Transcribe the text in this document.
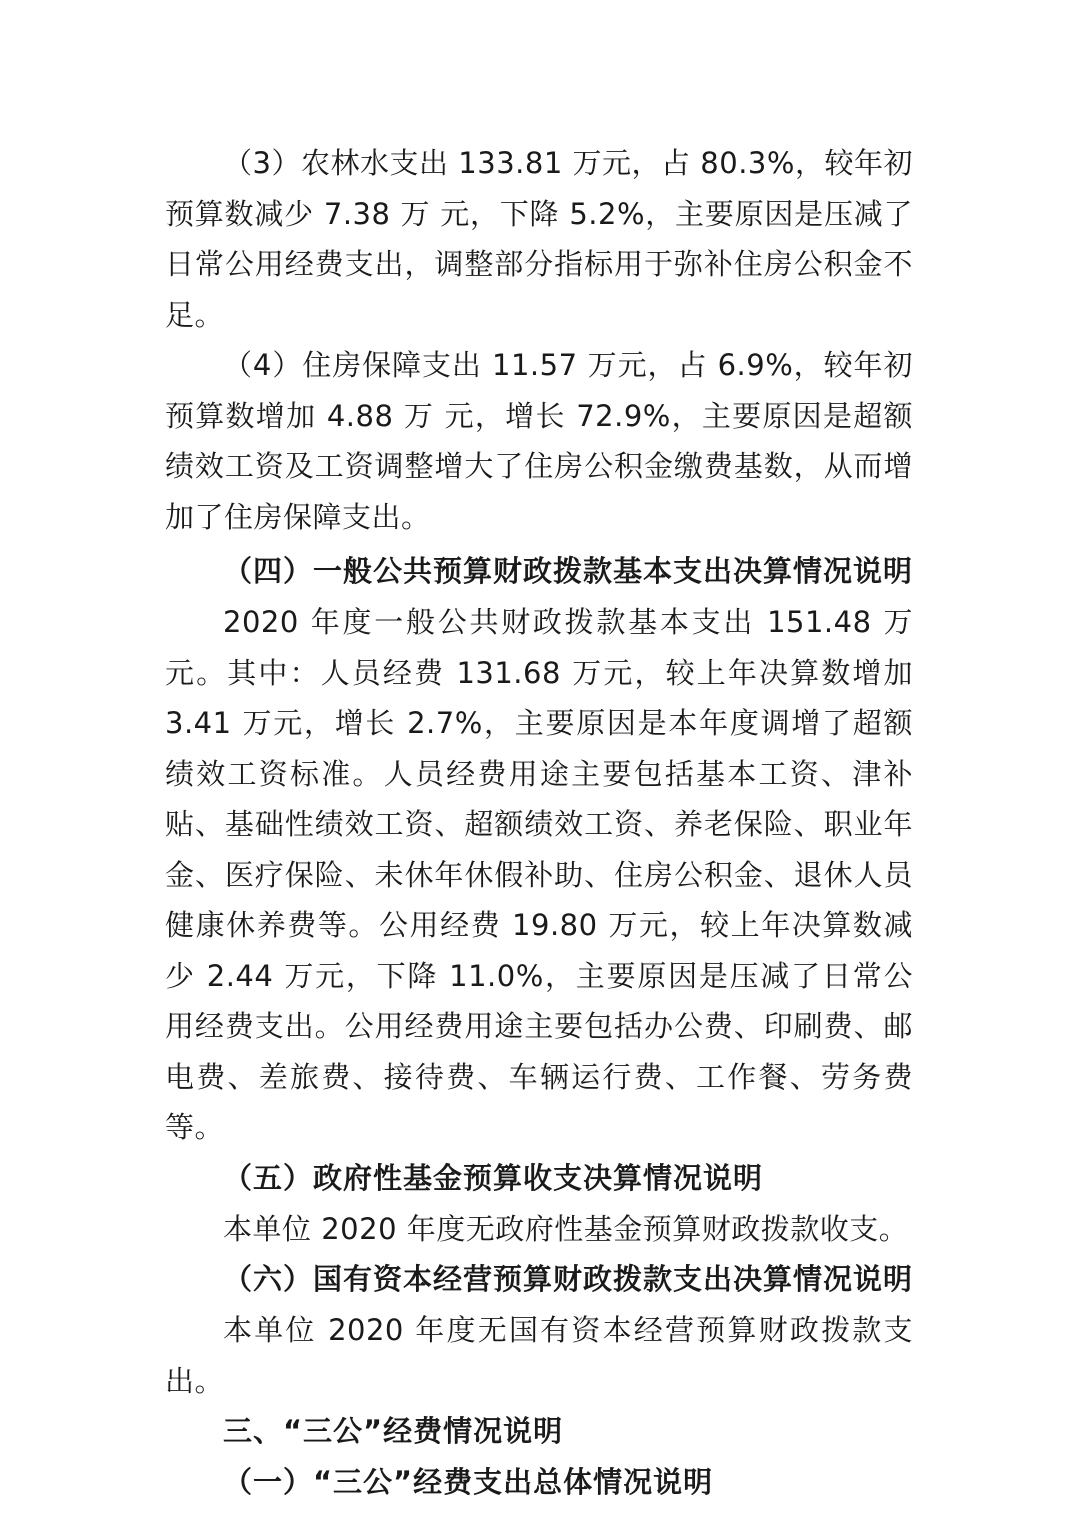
（3）农林水支出 133.81 万元，占 80.3%，较年初预算数减少 7.38 万 元，下降 5.2%，主要原因是压减了日常公用经费支出，调整部分指标用于弥补住房公积金不足。

（4）住房保障支出 11.57 万元，占 6.9%，较年初预算数增加 4.88 万 元，增长 72.9%，主要原因是超额绩效工资及工资调整增大了住房公积金缴费基数，从而增加了住房保障支出。

（四）一般公共预算财政拨款基本支出决算情况说明

2020 年度一般公共财政拨款基本支出 151.48 万元。其中：人员经费 131.68 万元，较上年决算数增加 3.41 万元，增长 2.7%，主要原因是本年度调增了超额绩效工资标准。人员经费用途主要包括基本工资、津补贴、基础性绩效工资、超额绩效工资、养老保险、职业年金、医疗保险、未休年休假补助、住房公积金、退休人员健康休养费等。公用经费 19.80 万元，较上年决算数减少 2.44 万元，下降 11.0%，主要原因是压减了日常公用经费支出。公用经费用途主要包括办公费、印刷费、邮电费、差旅费、接待费、车辆运行费、工作餐、劳务费等。

（五）政府性基金预算收支决算情况说明

本单位 2020 年度无政府性基金预算财政拨款收支。

（六）国有资本经营预算财政拨款支出决算情况说明

本单位 2020 年度无国有资本经营预算财政拨款支出。

三、“三公”经费情况说明

（一）“三公”经费支出总体情况说明
